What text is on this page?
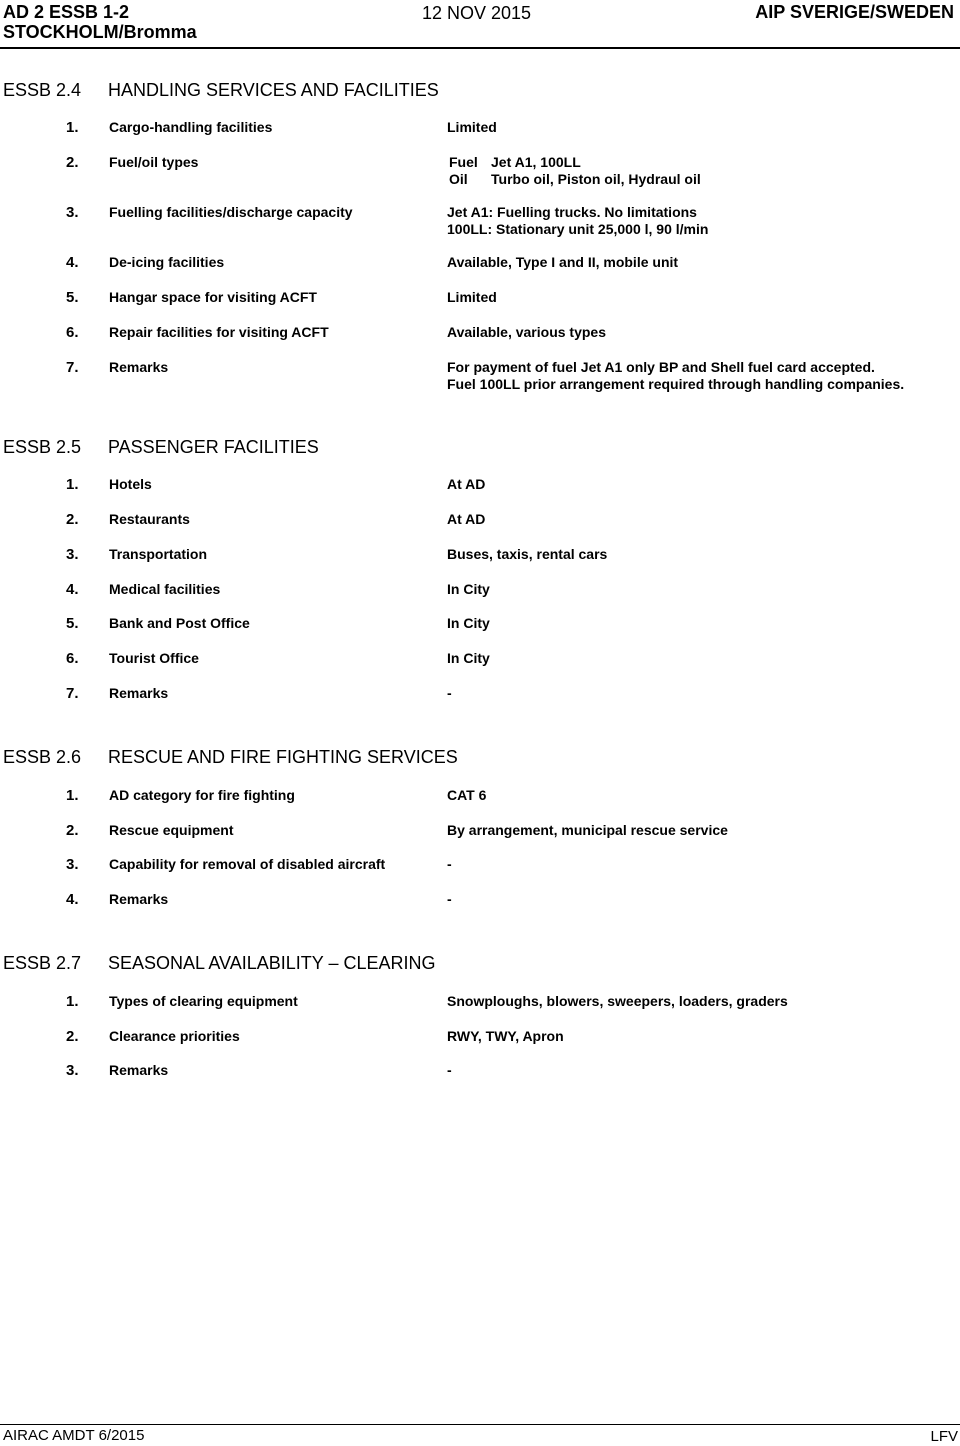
AD 2 ESSB 1-2
STOCKHOLM/Bromma
12 NOV 2015	AIP SVERIGE/SWEDEN
ESSB 2.4 HANDLING SERVICES AND FACILITIES
1. Cargo-handling facilities	Limited
2. Fuel/oil types	Fuel Jet A1, 100LL
Oil	Turbo oil, Piston oil, Hydraul oil
3. Fuelling facilities/discharge capacity	Jet A1: Fuelling trucks. No limitations
100LL: Stationary unit 25,000 l, 90 l/min
4. De-icing facilities	Available, Type I and II, mobile unit
5. Hangar space for visiting ACFT	Limited
6. Repair facilities for visiting ACFT	Available, various types
7. Remarks	For payment of fuel Jet A1 only BP and Shell fuel card accepted.
Fuel 100LL prior arrangement required through handling companies.
ESSB 2.5 PASSENGER FACILITIES
1. Hotels	At AD
2. Restaurants	At AD
3. Transportation	Buses, taxis, rental cars
4. Medical facilities	In City
5. Bank and Post Office	In City
6. Tourist Office	In City
7. Remarks	-
ESSB 2.6 RESCUE AND FIRE FIGHTING SERVICES
1. AD category for fire fighting	CAT 6
2. Rescue equipment	By arrangement, municipal rescue service
3. Capability for removal of disabled aircraft	-
4. Remarks	-
ESSB 2.7 SEASONAL AVAILABILITY – CLEARING
1. Types of clearing equipment	Snowploughs, blowers, sweepers, loaders, graders
2. Clearance priorities	RWY, TWY, Apron
3. Remarks	-
AIRAC AMDT 6/2015	LFV
